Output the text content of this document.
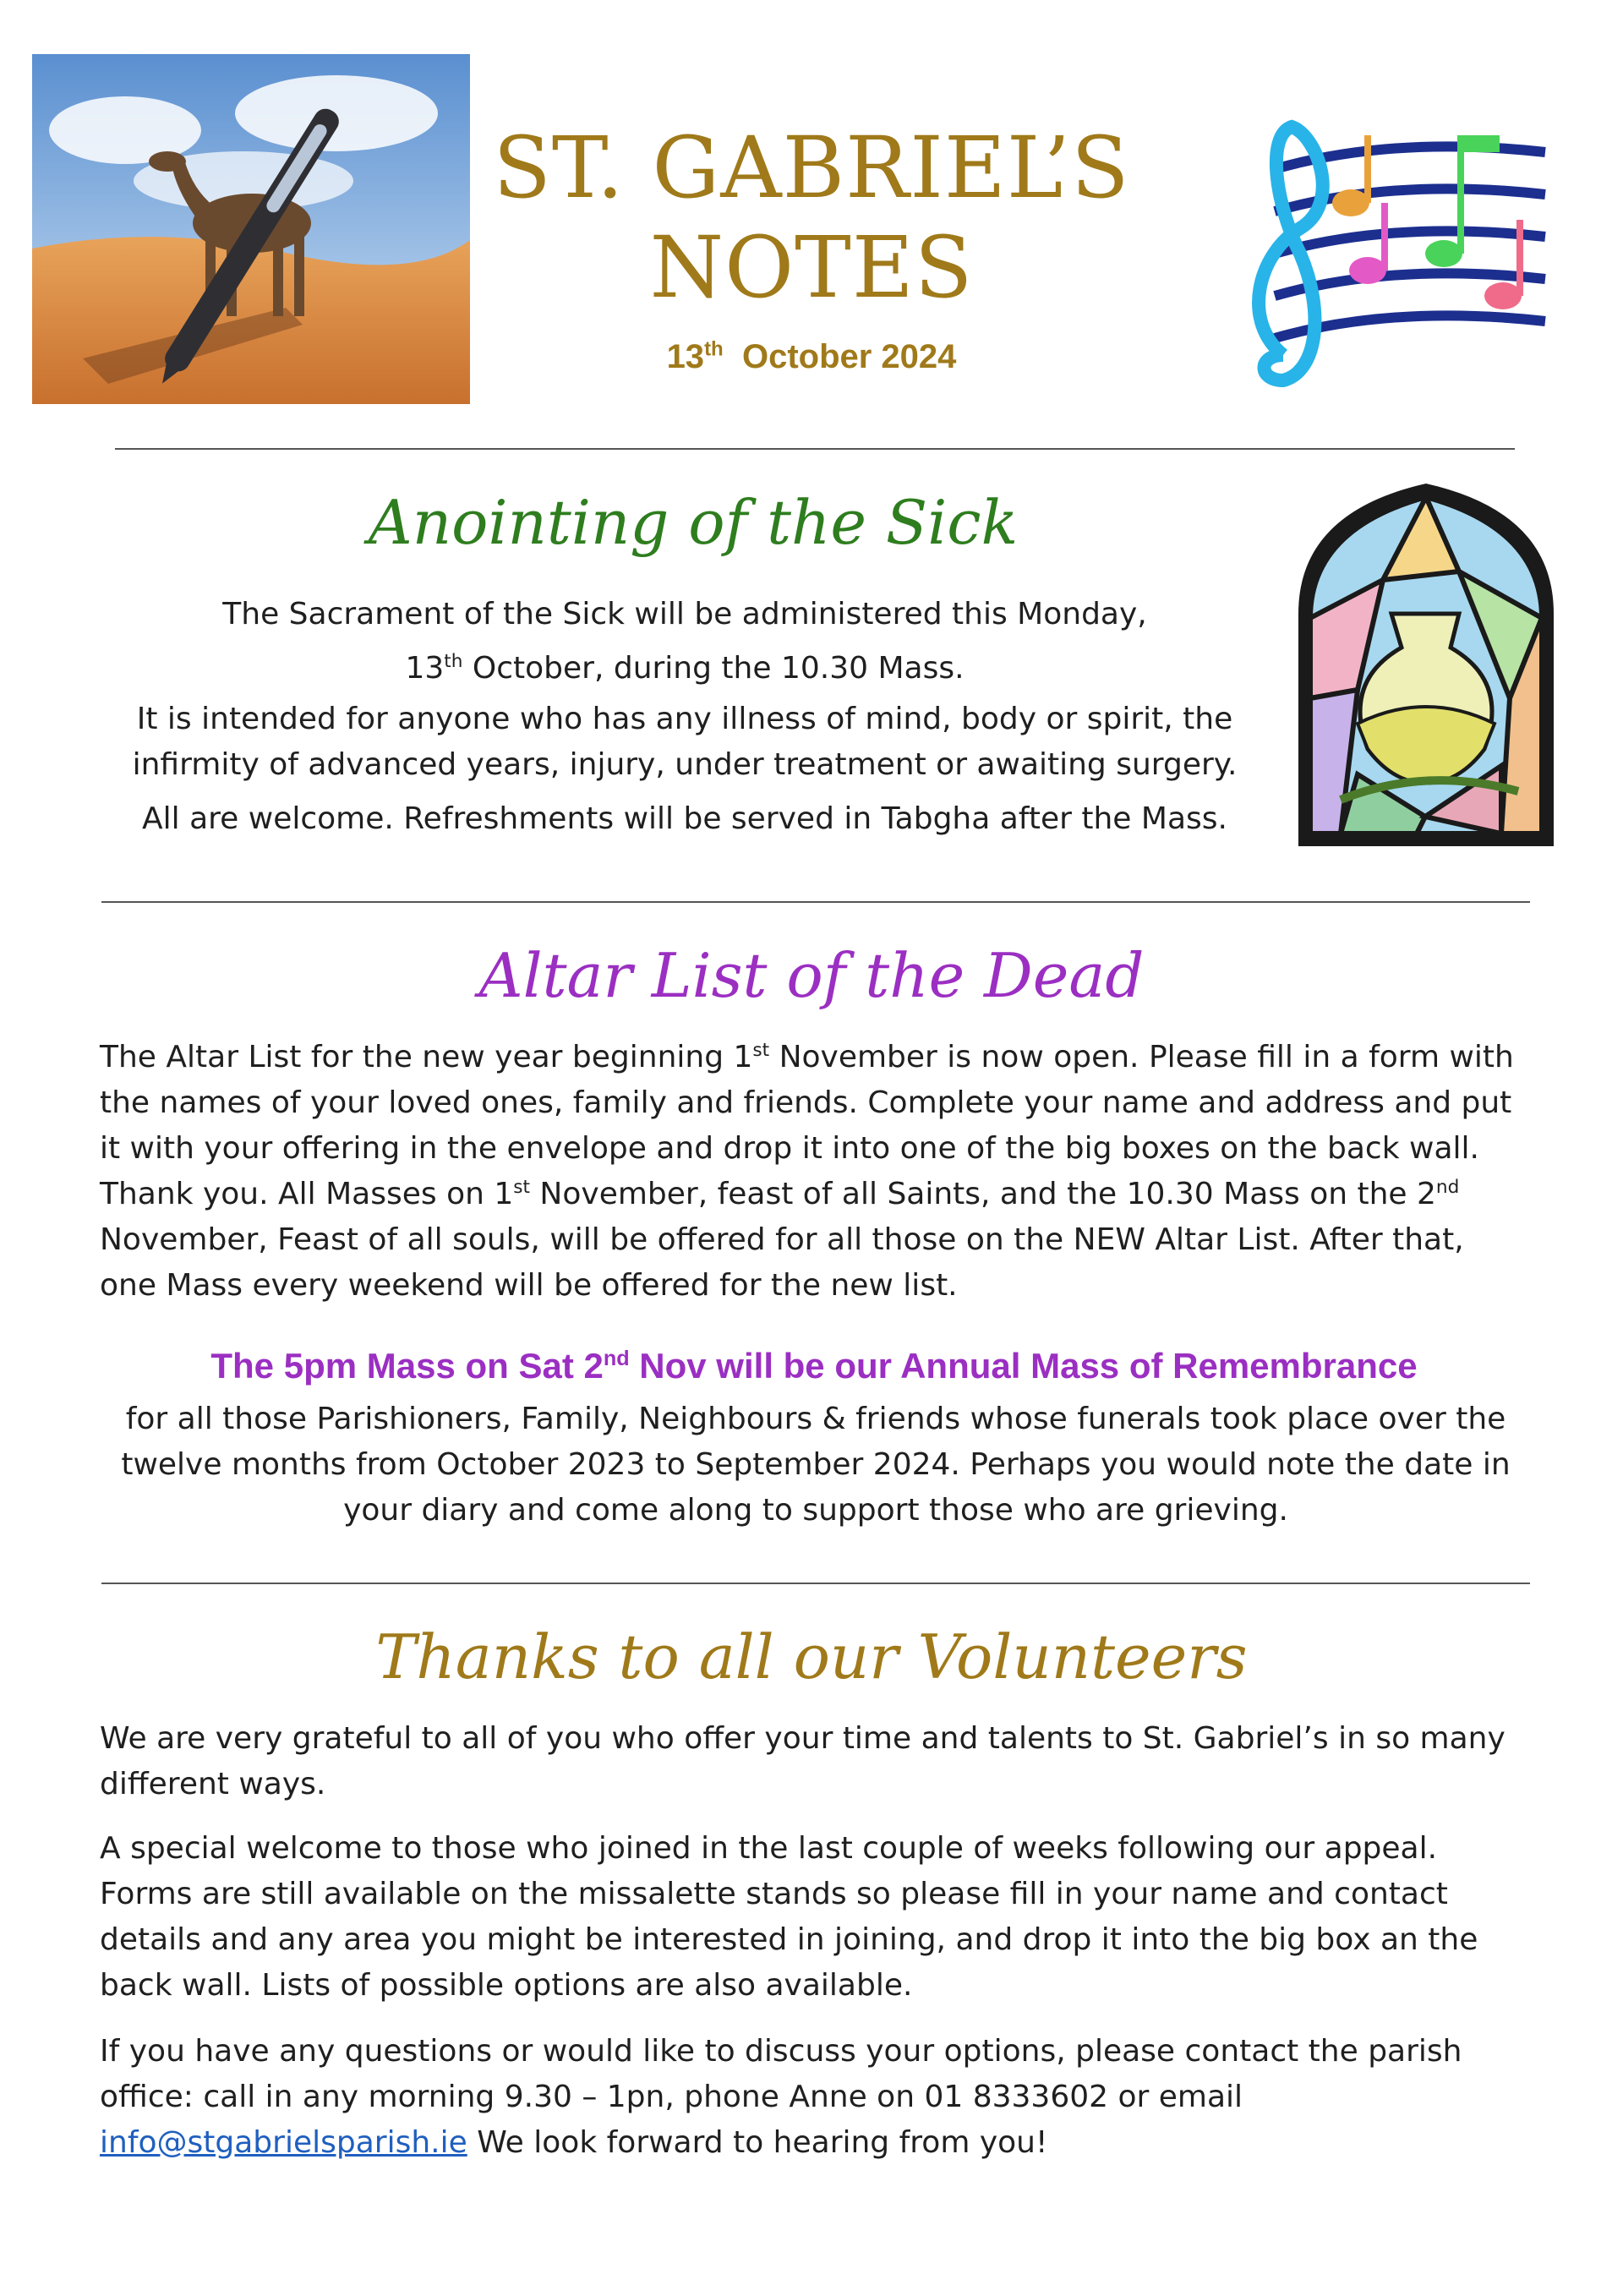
ST. GABRIEL’S
NOTES
13th October 2024
Anointing of the Sick
The Sacrament of the Sick will be administered this Monday,
13th October, during the 10.30 Mass.
It is intended for anyone who has any illness of mind, body or spirit, the
infirmity of advanced years, injury, under treatment or awaiting surgery.
All are welcome. Refreshments will be served in Tabgha after the Mass.
Altar List of the Dead
The Altar List for the new year beginning 1st November is now open. Please fill in a form with the names of your loved ones, family and friends. Complete your name and address and put it with your offering in the envelope and drop it into one of the big boxes on the back wall. Thank you. All Masses on 1st November, feast of all Saints, and the 10.30 Mass on the 2nd November, Feast of all souls, will be offered for all those on the NEW Altar List. After that, one Mass every weekend will be offered for the new list.
The 5pm Mass on Sat 2nd Nov will be our Annual Mass of Remembrance
for all those Parishioners, Family, Neighbours & friends whose funerals took place over the twelve months from October 2023 to September 2024. Perhaps you would note the date in your diary and come along to support those who are grieving.
Thanks to all our Volunteers
We are very grateful to all of you who offer your time and talents to St. Gabriel’s in so many different ways.
A special welcome to those who joined in the last couple of weeks following our appeal. Forms are still available on the missalette stands so please fill in your name and contact details and any area you might be interested in joining, and drop it into the big box an the back wall. Lists of possible options are also available.
If you have any questions or would like to discuss your options, please contact the parish office: call in any morning 9.30 – 1pn, phone Anne on 01 8333602 or email info@stgabrielsparish.ie We look forward to hearing from you!
